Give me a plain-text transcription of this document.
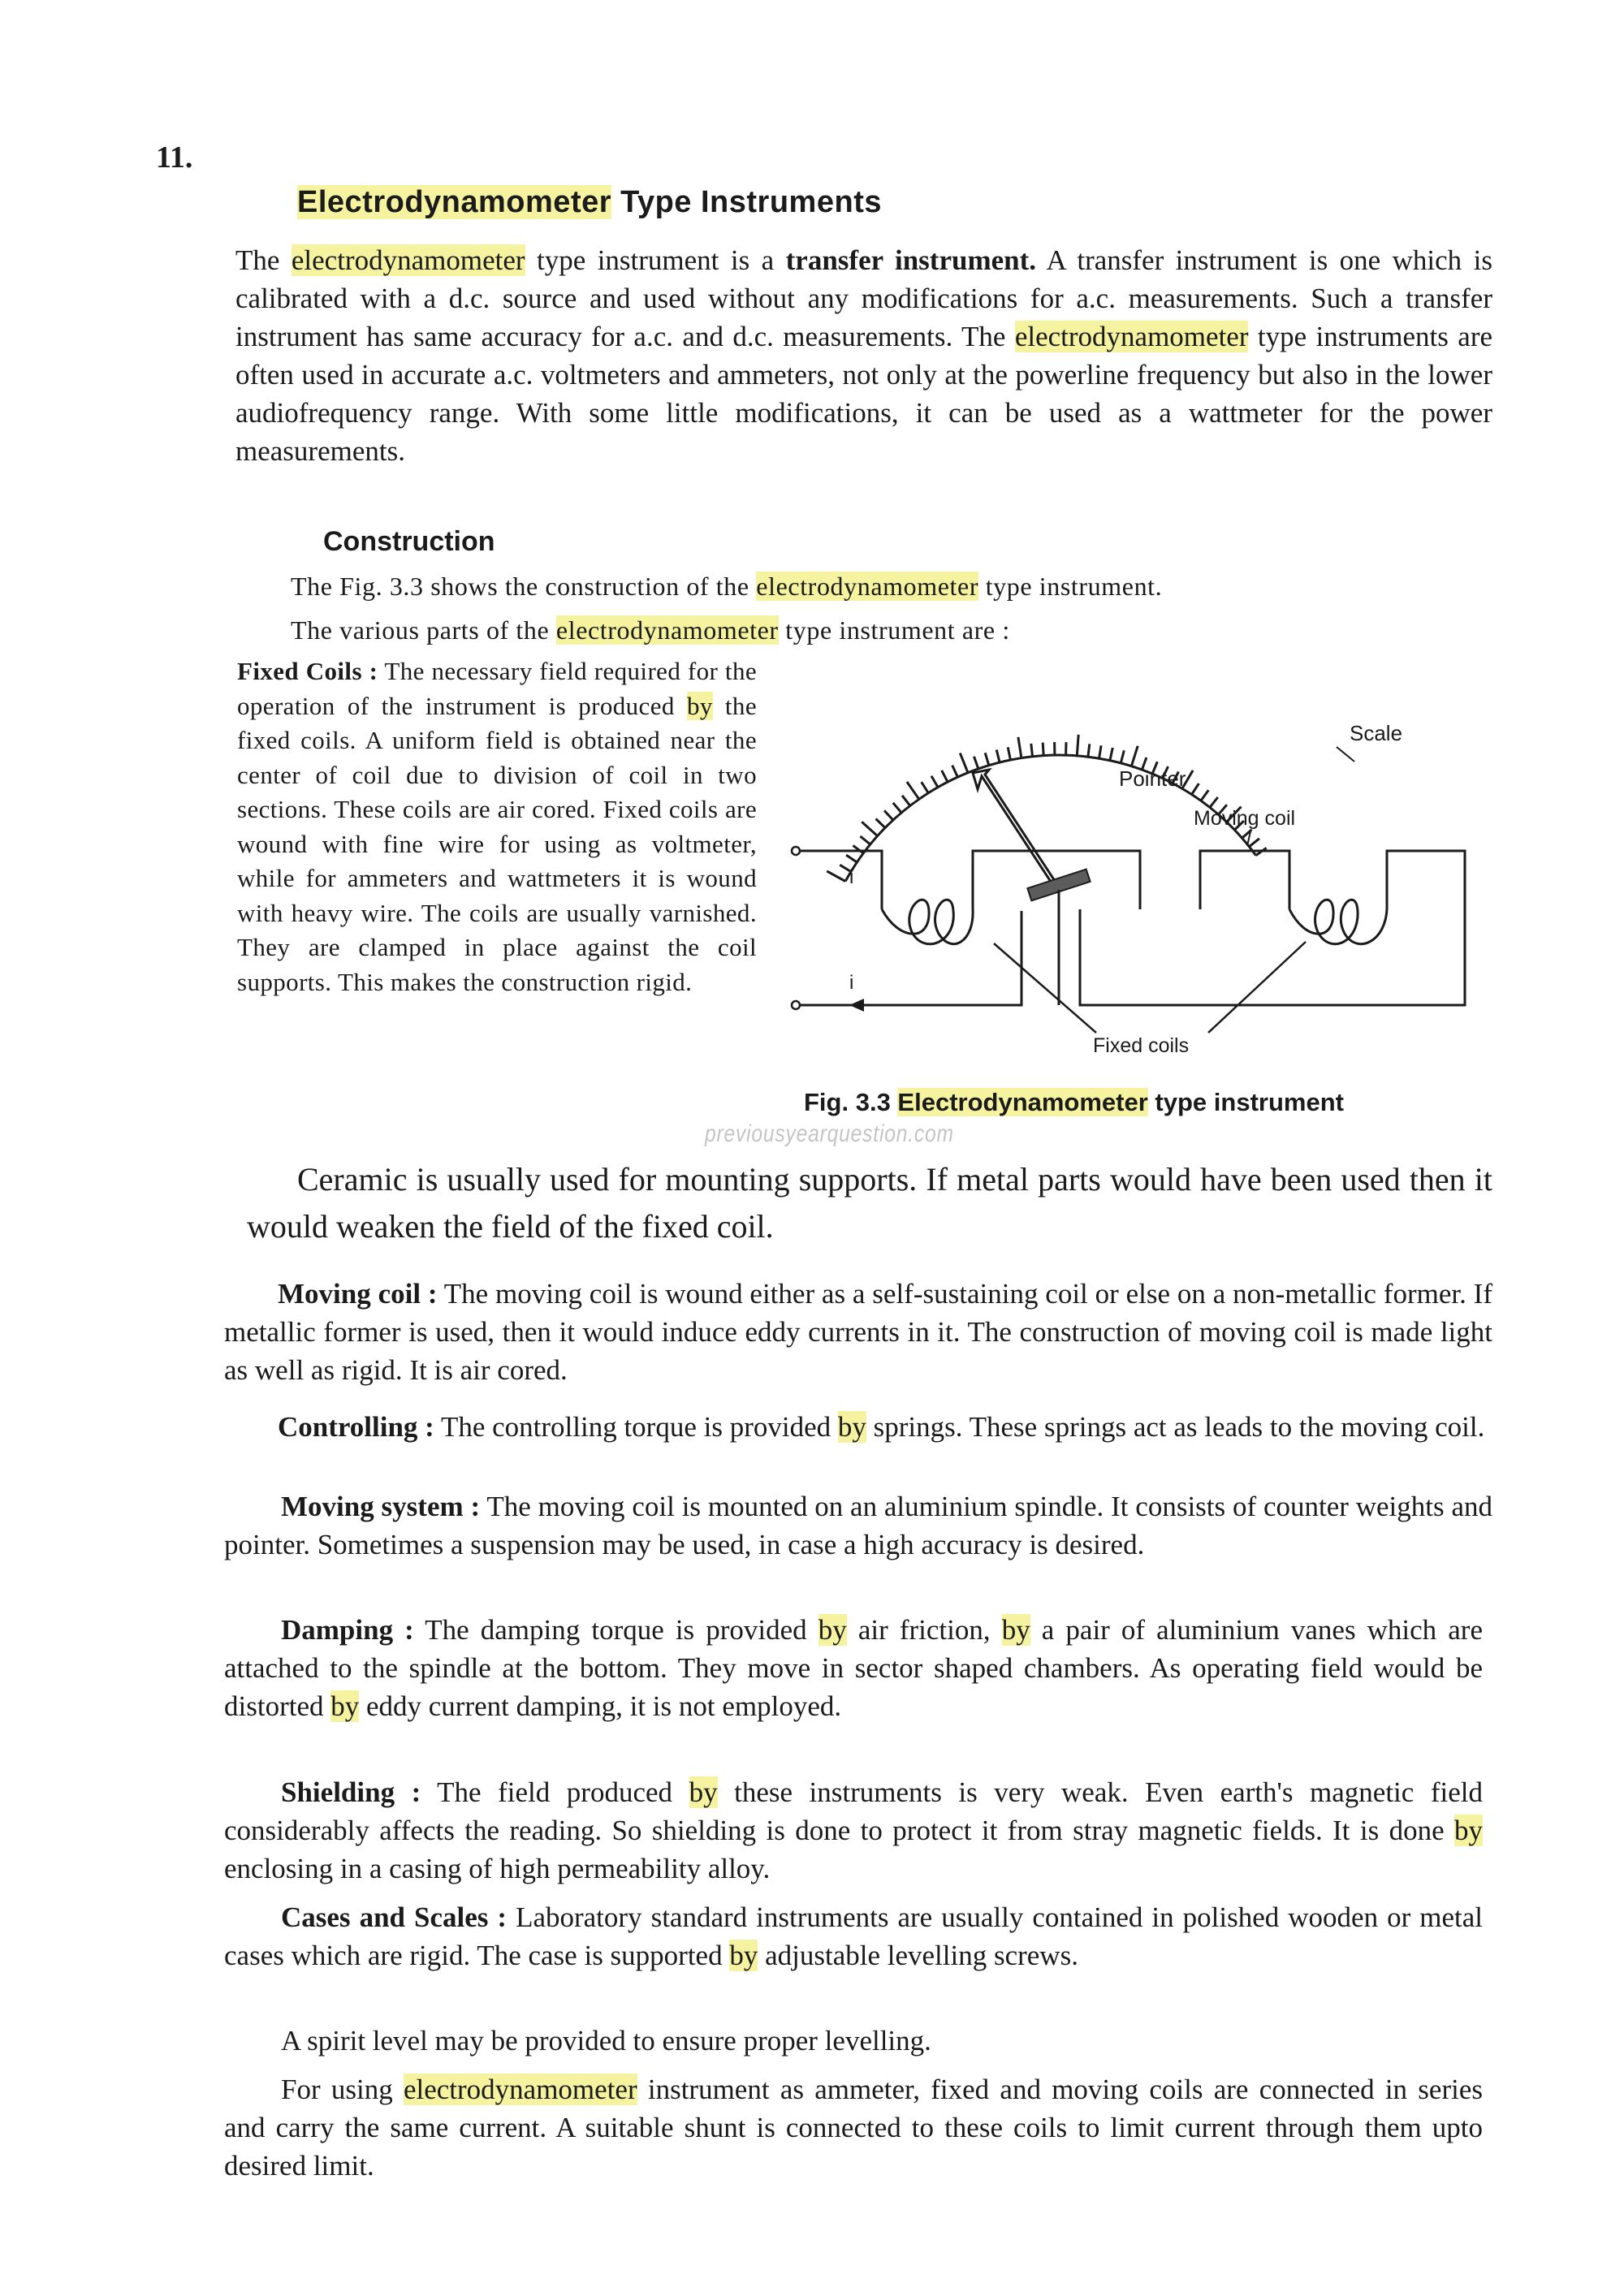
11.
Electrodynamometer Type Instruments

The electrodynamometer type instrument is a transfer instrument. A transfer instrument is one which is calibrated with a d.c. source and used without any modifications for a.c. measurements. Such a transfer instrument has same accuracy for a.c. and d.c. measurements. The electrodynamometer type instruments are often used in accurate a.c. voltmeters and ammeters, not only at the powerline frequency but also in the lower audiofrequency range. With some little modifications, it can be used as a wattmeter for the power measurements.

Construction
The Fig. 3.3 shows the construction of the electrodynamometer type instrument.
The various parts of the electrodynamometer type instrument are :

Fixed Coils : The necessary field required for the operation of the instrument is produced by the fixed coils. A uniform field is obtained near the center of coil due to division of coil in two sections. These coils are air cored. Fixed coils are wound with fine wire for using as voltmeter, while for ammeters and wattmeters it is wound with heavy wire. The coils are usually varnished. They are clamped in place against the coil supports. This makes the construction rigid.

Scale
Pointer
Moving coil
i
i
Fixed coils
Fig. 3.3 Electrodynamometer type instrument
previousyearquestion.com

Ceramic is usually used for mounting supports. If metal parts would have been used then it would weaken the field of the fixed coil.

Moving coil : The moving coil is wound either as a self-sustaining coil or else on a non-metallic former. If metallic former is used, then it would induce eddy currents in it. The construction of moving coil is made light as well as rigid. It is air cored.

Controlling : The controlling torque is provided by springs. These springs act as leads to the moving coil.

Moving system : The moving coil is mounted on an aluminium spindle. It consists of counter weights and pointer. Sometimes a suspension may be used, in case a high accuracy is desired.

Damping : The damping torque is provided by air friction, by a pair of aluminium vanes which are attached to the spindle at the bottom. They move in sector shaped chambers. As operating field would be distorted by eddy current damping, it is not employed.

Shielding : The field produced by these instruments is very weak. Even earth's magnetic field considerably affects the reading. So shielding is done to protect it from stray magnetic fields. It is done by enclosing in a casing of high permeability alloy.

Cases and Scales : Laboratory standard instruments are usually contained in polished wooden or metal cases which are rigid. The case is supported by adjustable levelling screws.

A spirit level may be provided to ensure proper levelling.

For using electrodynamometer instrument as ammeter, fixed and moving coils are connected in series and carry the same current. A suitable shunt is connected to these coils to limit current through them upto desired limit.
